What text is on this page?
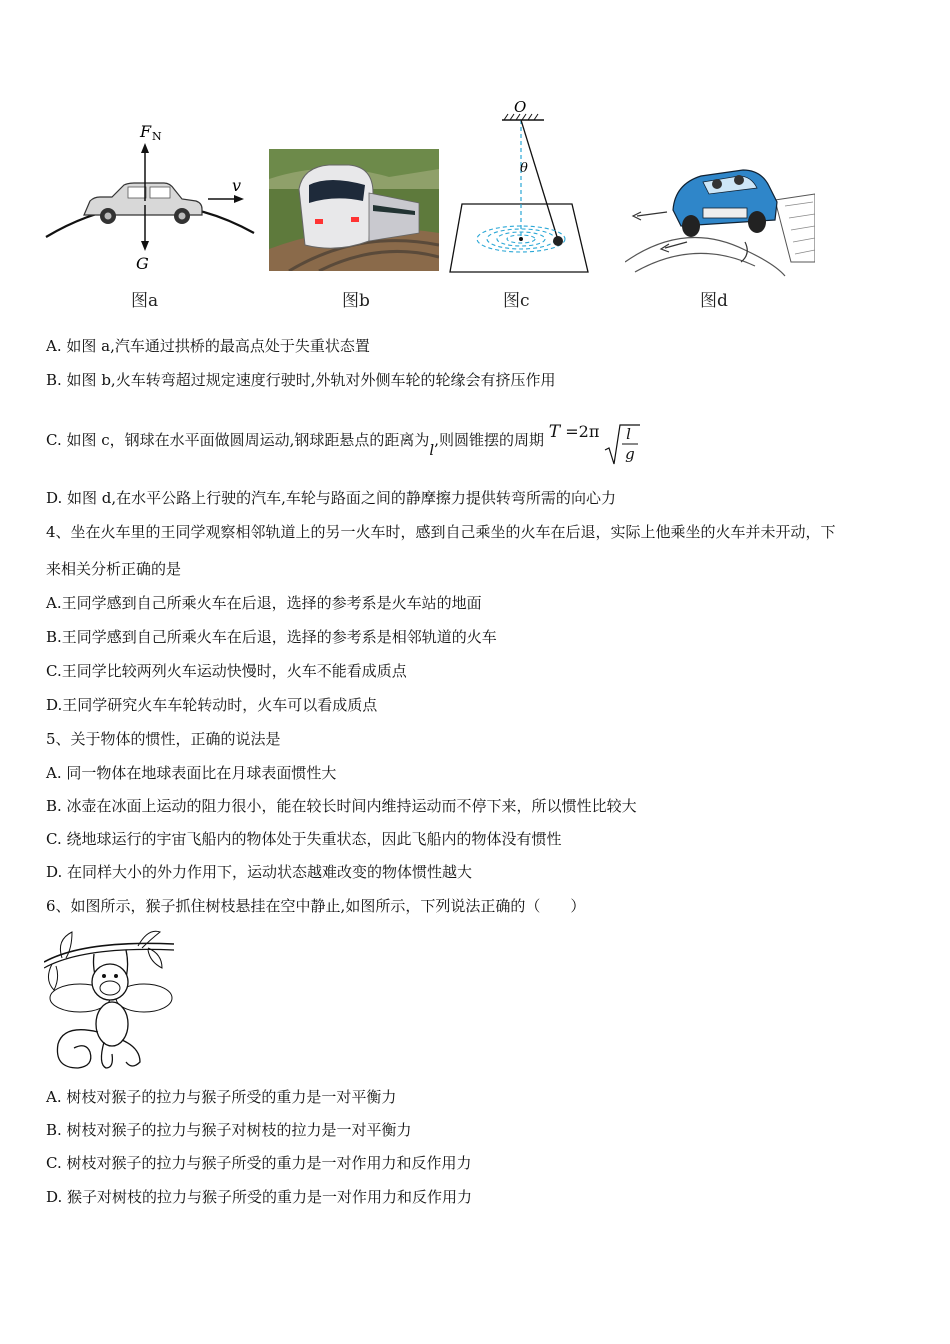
F N
v
G
图a	图b
O
θ
图c	图d
A. 如图 a,汽车通过拱桥的最高点处于失重状态置
B. 如图 b,火车转弯超过规定速度行驶时,外轨对外侧车轮的轮缘会有挤压作用
C. 如图 c，钢球在水平面做圆周运动,钢球距悬点的距离为l,则圆锥摆的周期 T =2π l
g
D. 如图 d,在水平公路上行驶的汽车,车轮与路面之间的静摩擦力提供转弯所需的向心力
4、坐在火车里的王同学观察相邻轨道上的另一火车时，感到自己乘坐的火车在后退，实际上他乘坐的火车并未开动，下
来相关分析正确的是
A.王同学感到自己所乘火车在后退，选择的参考系是火车站的地面
B.王同学感到自己所乘火车在后退，选择的参考系是相邻轨道的火车
C.王同学比较两列火车运动快慢时，火车不能看成质点
D.王同学研究火车车轮转动时，火车可以看成质点
5、关于物体的惯性，正确的说法是
A. 同一物体在地球表面比在月球表面惯性大
B. 冰壶在冰面上运动的阻力很小，能在较长时间内维持运动而不停下来，所以惯性比较大
C. 绕地球运行的宇宙飞船内的物体处于失重状态，因此飞船内的物体没有惯性
D. 在同样大小的外力作用下，运动状态越难改变的物体惯性越大
6、如图所示，猴子抓住树枝悬挂在空中静止,如图所示，下列说法正确的（　　）
A. 树枝对猴子的拉力与猴子所受的重力是一对平衡力
B. 树枝对猴子的拉力与猴子对树枝的拉力是一对平衡力
C. 树枝对猴子的拉力与猴子所受的重力是一对作用力和反作用力
D. 猴子对树枝的拉力与猴子所受的重力是一对作用力和反作用力
